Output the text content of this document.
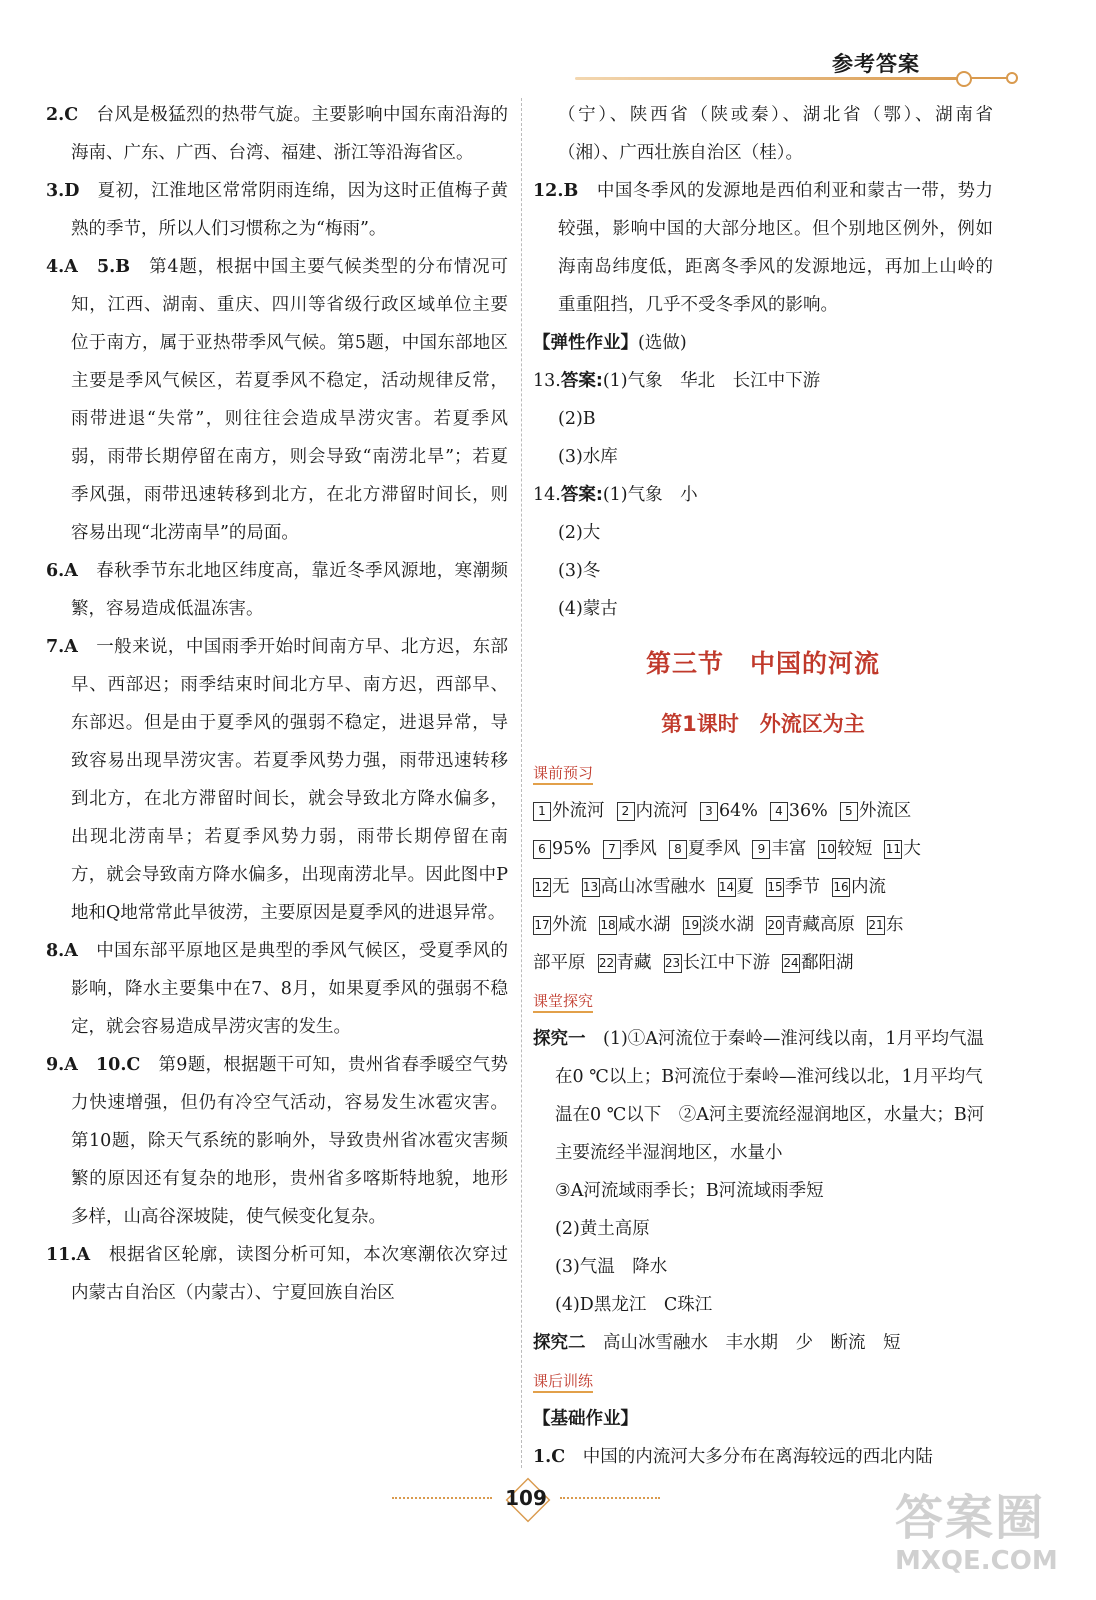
参考答案
2.C　 台风是极猛烈的热带气旋。主要影响中国东南沿海的海南、广东、广西、台湾、福建、浙江等沿海省区。
3.D　 夏初，江淮地区常常阴雨连绵，因为这时正值梅子黄熟的季节，所以人们习惯称之为“梅雨”。
4.A　5.B　 第4题，根据中国主要气候类型的分布情况可知，江西、湖南、重庆、四川等省级行政区域单位主要位于南方，属于亚热带季风气候。第5题，中国东部地区主要是季风气候区，若夏季风不稳定，活动规律反常，雨带进退“失常”，则往往会造成旱涝灾害。若夏季风弱，雨带长期停留在南方，则会导致“南涝北旱”；若夏季风强，雨带迅速转移到北方，在北方滞留时间长，则容易出现“北涝南旱”的局面。
6.A　 春秋季节东北地区纬度高，靠近冬季风源地，寒潮频繁，容易造成低温冻害。
7.A　 一般来说，中国雨季开始时间南方早、北方迟，东部早、西部迟；雨季结束时间北方早、南方迟，西部早、东部迟。但是由于夏季风的强弱不稳定，进退异常，导致容易出现旱涝灾害。若夏季风势力强，雨带迅速转移到北方，在北方滞留时间长，就会导致北方降水偏多，出现北涝南旱；若夏季风势力弱，雨带长期停留在南方，就会导致南方降水偏多，出现南涝北旱。因此图中P地和Q地常常此旱彼涝，主要原因是夏季风的进退异常。
8.A　 中国东部平原地区是典型的季风气候区，受夏季风的影响，降水主要集中在7、8月，如果夏季风的强弱不稳定，就会容易造成旱涝灾害的发生。
9.A　10.C　 第9题，根据题干可知，贵州省春季暖空气势力快速增强，但仍有冷空气活动，容易发生冰雹灾害。第10题，除天气系统的影响外，导致贵州省冰雹灾害频繁的原因还有复杂的地形，贵州省多喀斯特地貌，地形多样，山高谷深坡陡，使气候变化复杂。
11.A　 根据省区轮廓，读图分析可知，本次寒潮依次穿过内蒙古自治区（内蒙古）、宁夏回族自治区
（宁）、陕西省（陕或秦）、湖北省（鄂）、湖南省（湘）、广西壮族自治区（桂）。
12.B　 中国冬季风的发源地是西伯利亚和蒙古一带，势力较强，影响中国的大部分地区。但个别地区例外，例如海南岛纬度低，距离冬季风的发源地远，再加上山岭的重重阻挡，几乎不受冬季风的影响。
【弹性作业】(选做)
13.答案:(1)气象　华北　长江中下游
(2)B
(3)水库
14.答案:(1)气象　小
(2)大
(3)冬
(4)蒙古
第三节　中国的河流
第1课时　外流区为主
课前预习
1 外流河 2 内流河 3 64% 4 36% 5 外流区
6 95% 7 季风 8 夏季风 9 丰富 10 较短 11 大
12 无 13 高山冰雪融水 14 夏 15 季节 16 内流
17 外流 18 咸水湖 19 淡水湖 20 青藏高原 21 东
部平原 22 青藏 23 长江中下游 24 鄱阳湖
课堂探究
探究一　 (1)①A河流位于秦岭—淮河线以南，1月平均气温在0 ℃以上；B河流位于秦岭—淮河线以北，1月平均气温在0 ℃以下　②A河主要流经湿润地区，水量大；B河主要流经半湿润地区，水量小
③A河流域雨季长；B河流域雨季短
(2)黄土高原
(3)气温　降水
(4)D黑龙江　C珠江
探究二　 高山冰雪融水　丰水期　少　断流　短
课后训练
【基础作业】
1.C　 中国的内流河大多分布在离海较远的西北内陆
109	答案圈
MXQE.COM
